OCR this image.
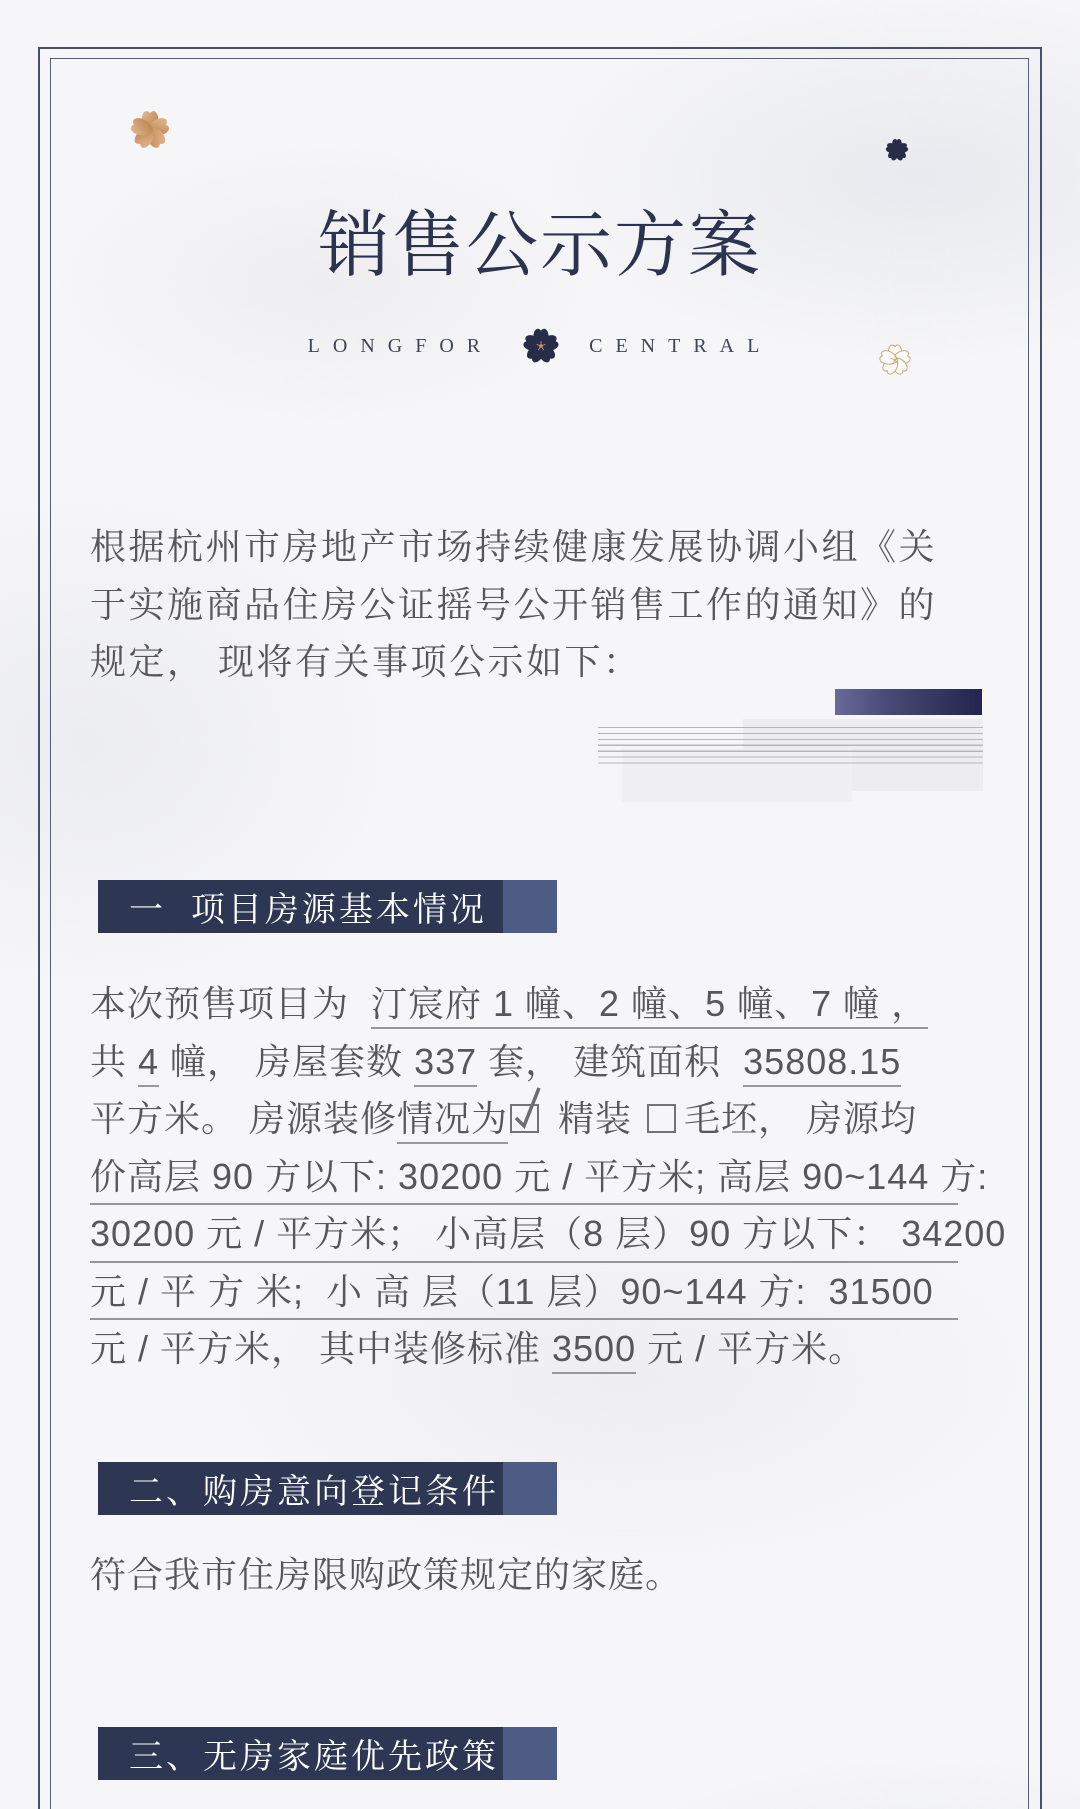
销售公示方案
LONGFOR	CENTRAL
根据杭州市房地产市场持续健康发展协调小组《关
于实施商品住房公证摇号公开销售工作的通知》的
规定， 现将有关事项公示如下：
一  项目房源基本情况
本次预售项目为  汀宸府 1 幢、2 幢、5 幢、7 幢 ，
共 4 幢， 房屋套数 337 套， 建筑面积  35808.15
平方米。 房源装修情况为
精装 毛坯， 房源均
价高层 90 方以下: 30200 元 / 平方米; 高层 90~144 方:
30200 元 / 平方米； 小高层（8 层）90 方以下： 34200
元 / 平 方 米;  小 高 层（11 层）90~144 方:  31500
元 / 平方米， 其中装修标准 3500 元 / 平方米。
二、购房意向登记条件
符合我市住房限购政策规定的家庭。
三、无房家庭优先政策
